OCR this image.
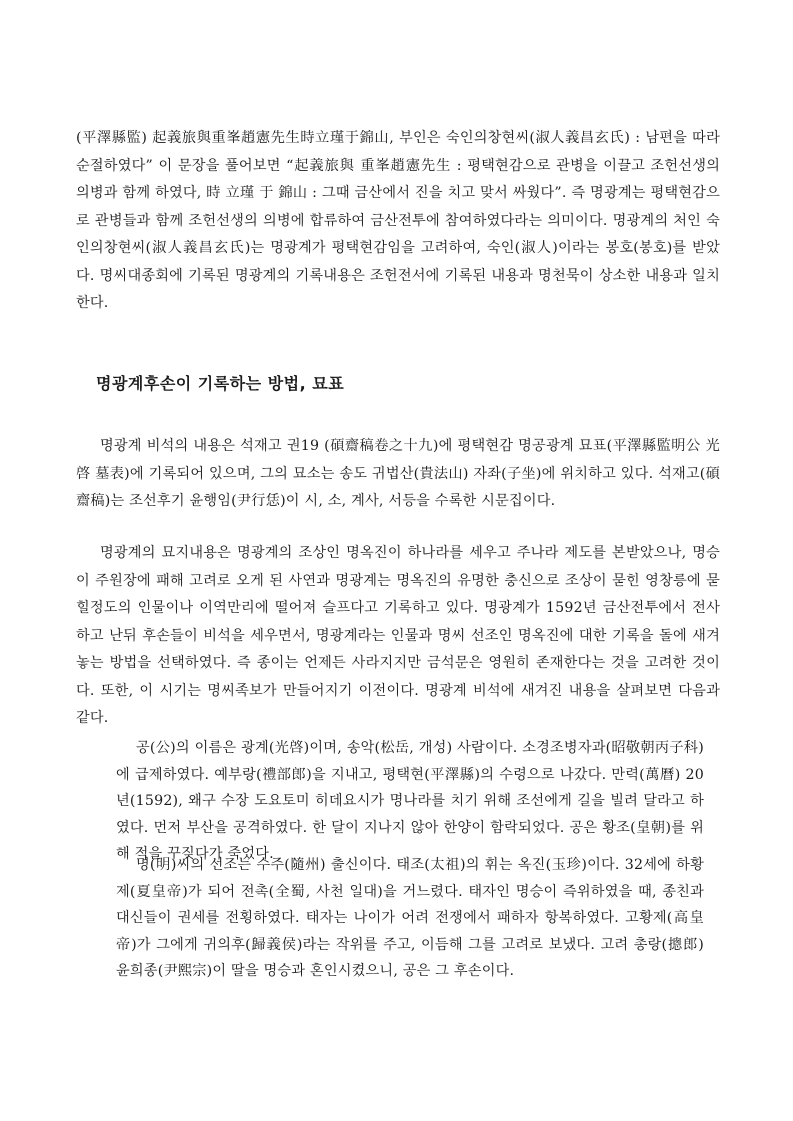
(平澤縣監) 起義旅與重峯趙憲先生時立瑾于錦山, 부인은 숙인의창현씨(淑人義昌玄氏) : 남편을 따라 순절하였다” 이 문장을 풀어보면 “起義旅與 重峯趙憲先生 : 평택현감으로 관병을 이끌고 조헌선생의 의병과 함께 하였다, 時 立瑾 于 錦山 : 그때 금산에서 진을 치고 맞서 싸웠다”. 즉 명광계는 평택현감으로 관병들과 함께 조헌선생의 의병에 합류하여 금산전투에 참여하였다라는 의미이다. 명광계의 처인 숙인의창현씨(淑人義昌玄氏)는 명광계가 평택현감임을 고려하여, 숙인(淑人)이라는 봉호(봉호)를 받았다. 명씨대종회에 기록된 명광계의 기록내용은 조헌전서에 기록된 내용과 명천묵이 상소한 내용과 일치한다.
명광계후손이 기록하는 방법, 묘표
명광계 비석의 내용은 석재고 권19 (碩齋稿卷之十九)에 평택현감 명공광계 묘표(平澤縣監明公 光啓 墓表)에 기록되어 있으며, 그의 묘소는 송도 귀법산(貴法山) 자좌(子坐)에 위치하고 있다. 석재고(碩齋稿)는 조선후기 윤행임(尹行恁)이 시, 소, 계사, 서등을 수록한 시문집이다.
명광계의 묘지내용은 명광계의 조상인 명옥진이 하나라를 세우고 주나라 제도를 본받았으나, 명승이 주원장에 패해 고려로 오게 된 사연과 명광계는 명옥진의 유명한 충신으로 조상이 묻힌 영창릉에 묻힐정도의 인물이나 이역만리에 떨어져 슬프다고 기록하고 있다. 명광계가 1592년 금산전투에서 전사하고 난뒤 후손들이 비석을 세우면서, 명광계라는 인물과 명씨 선조인 명옥진에 대한 기록을 돌에 새겨놓는 방법을 선택하였다. 즉 종이는 언제든 사라지지만 금석문은 영원히 존재한다는 것을 고려한 것이다. 또한, 이 시기는 명씨족보가 만들어지기 이전이다. 명광계 비석에 새겨진 내용을 살펴보면 다음과 같다.
공(公)의 이름은 광계(光啓)이며, 송악(松岳, 개성) 사람이다. 소경조병자과(昭敬朝丙子科)에 급제하였다. 예부랑(禮部郎)을 지내고, 평택현(平澤縣)의 수령으로 나갔다. 만력(萬曆) 20년(1592), 왜구 수장 도요토미 히데요시가 명나라를 치기 위해 조선에게 길을 빌려 달라고 하였다. 먼저 부산을 공격하였다. 한 달이 지나지 않아 한양이 함락되었다. 공은 황조(皇朝)를 위해 적을 꾸짖다가 죽었다.
명(明)씨의 선조는 수주(隨州) 출신이다. 태조(太祖)의 휘는 옥진(玉珍)이다. 32세에 하황제(夏皇帝)가 되어 전촉(全蜀, 사천 일대)을 거느렸다. 태자인 명승이 즉위하였을 때, 종친과 대신들이 권세를 전횡하였다. 태자는 나이가 어려 전쟁에서 패하자 항복하였다. 고황제(高皇帝)가 그에게 귀의후(歸義侯)라는 작위를 주고, 이듬해 그를 고려로 보냈다. 고려 총랑(摠郎) 윤희종(尹熙宗)이 딸을 명승과 혼인시켰으니, 공은 그 후손이다.
